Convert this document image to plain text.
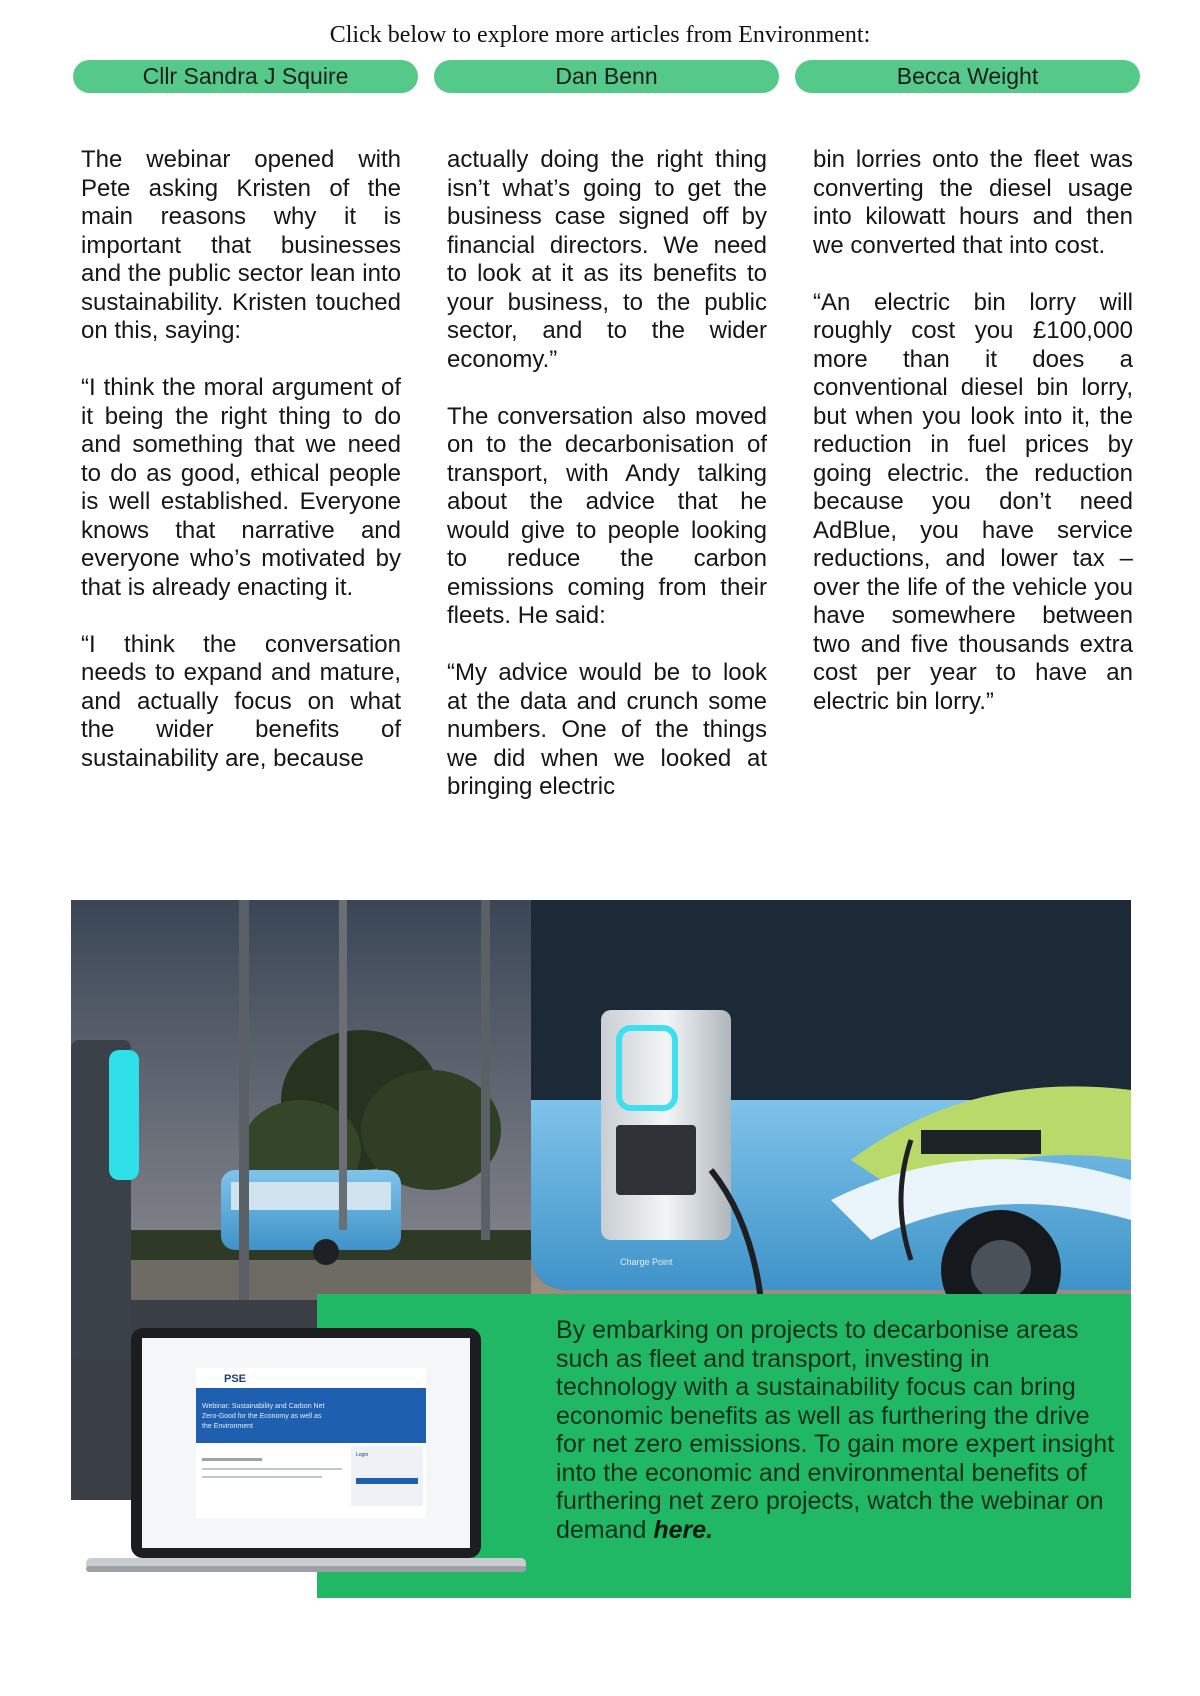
Click below to explore more articles from Environment:
Cllr Sandra J Squire	Dan Benn	Becca Weight

The webinar opened with Pete asking Kristen of the main reasons why it is important that businesses and the public sector lean into sustainability. Kristen touched on this, saying:

“I think the moral argument of it being the right thing to do and something that we need to do as good, ethical people is well established. Everyone knows that narrative and everyone who’s motivated by that is already enacting it.

“I think the conversation needs to expand and mature, and actually focus on what the wider benefits of sustainability are, because

actually doing the right thing isn’t what’s going to get the business case signed off by financial directors. We need to look at it as its benefits to your business, to the public sector, and to the wider economy.”

The conversation also moved on to the decarbonisation of transport, with Andy talking about the advice that he would give to people looking to reduce the carbon emissions coming from their fleets. He said:

“My advice would be to look at the data and crunch some numbers. One of the things we did when we looked at bringing electric

bin lorries onto the fleet was converting the diesel usage into kilowatt hours and then we converted that into cost.

“An electric bin lorry will roughly cost you £100,000 more than it does a conventional diesel bin lorry, but when you look into it, the reduction in fuel prices by going electric. the reduction because you don’t need AdBlue, you have service reductions, and lower tax – over the life of the vehicle you have somewhere between two and five thousands extra cost per year to have an electric bin lorry.”

Charge Point
PSE
Webinar: Sustainability and Carbon Net Zero-Good for the Economy as well as the Environment
Login
By embarking on projects to decarbonise areas such as fleet and transport, investing in technology with a sustainability focus can bring economic benefits as well as furthering the drive for net zero emissions. To gain more expert insight into the economic and environmental benefits of furthering net zero projects, watch the webinar on demand here.
